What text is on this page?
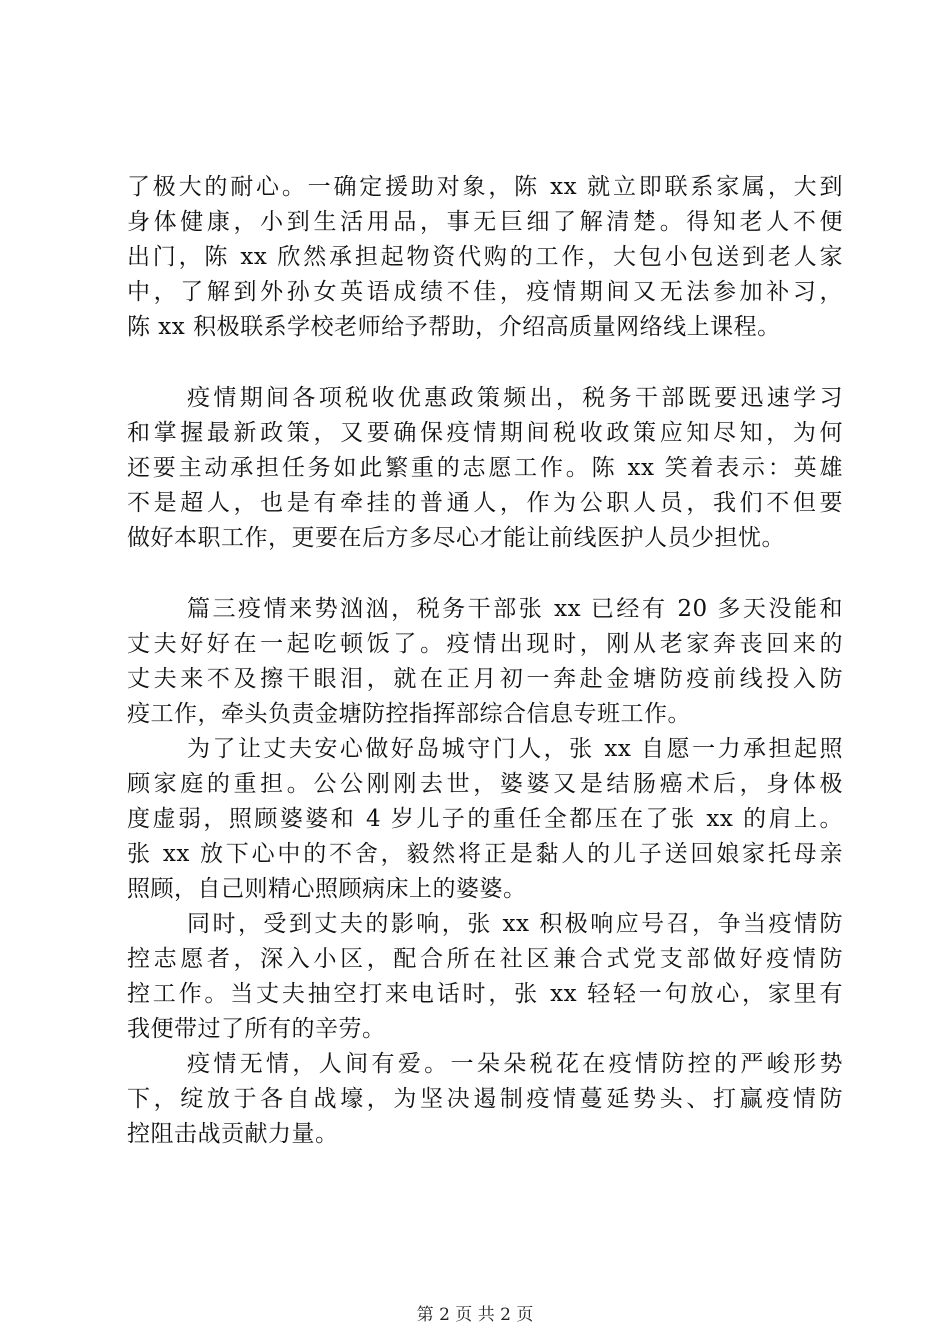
了极大的耐心。一确定援助对象，陈 xx 就立即联系家属，大到
身体健康，小到生活用品，事无巨细了解清楚。得知老人不便
出门，陈 xx 欣然承担起物资代购的工作，大包小包送到老人家
中，了解到外孙女英语成绩不佳，疫情期间又无法参加补习，
陈 xx 积极联系学校老师给予帮助，介绍高质量网络线上课程。
疫情期间各项税收优惠政策频出，税务干部既要迅速学习
和掌握最新政策，又要确保疫情期间税收政策应知尽知，为何
还要主动承担任务如此繁重的志愿工作。陈 xx 笑着表示：英雄
不是超人，也是有牵挂的普通人，作为公职人员，我们不但要
做好本职工作，更要在后方多尽心才能让前线医护人员少担忧。
篇三疫情来势汹汹，税务干部张 xx 已经有 20 多天没能和
丈夫好好在一起吃顿饭了。疫情出现时，刚从老家奔丧回来的
丈夫来不及擦干眼泪，就在正月初一奔赴金塘防疫前线投入防
疫工作，牵头负责金塘防控指挥部综合信息专班工作。
为了让丈夫安心做好岛城守门人，张 xx 自愿一力承担起照
顾家庭的重担。公公刚刚去世，婆婆又是结肠癌术后，身体极
度虚弱，照顾婆婆和 4 岁儿子的重任全都压在了张 xx 的肩上。
张 xx 放下心中的不舍，毅然将正是黏人的儿子送回娘家托母亲
照顾，自己则精心照顾病床上的婆婆。
同时，受到丈夫的影响，张 xx 积极响应号召，争当疫情防
控志愿者，深入小区，配合所在社区兼合式党支部做好疫情防
控工作。当丈夫抽空打来电话时，张 xx 轻轻一句放心，家里有
我便带过了所有的辛劳。
疫情无情，人间有爱。一朵朵税花在疫情防控的严峻形势
下，绽放于各自战壕，为坚决遏制疫情蔓延势头、打赢疫情防
控阻击战贡献力量。
第 2 页 共 2 页
